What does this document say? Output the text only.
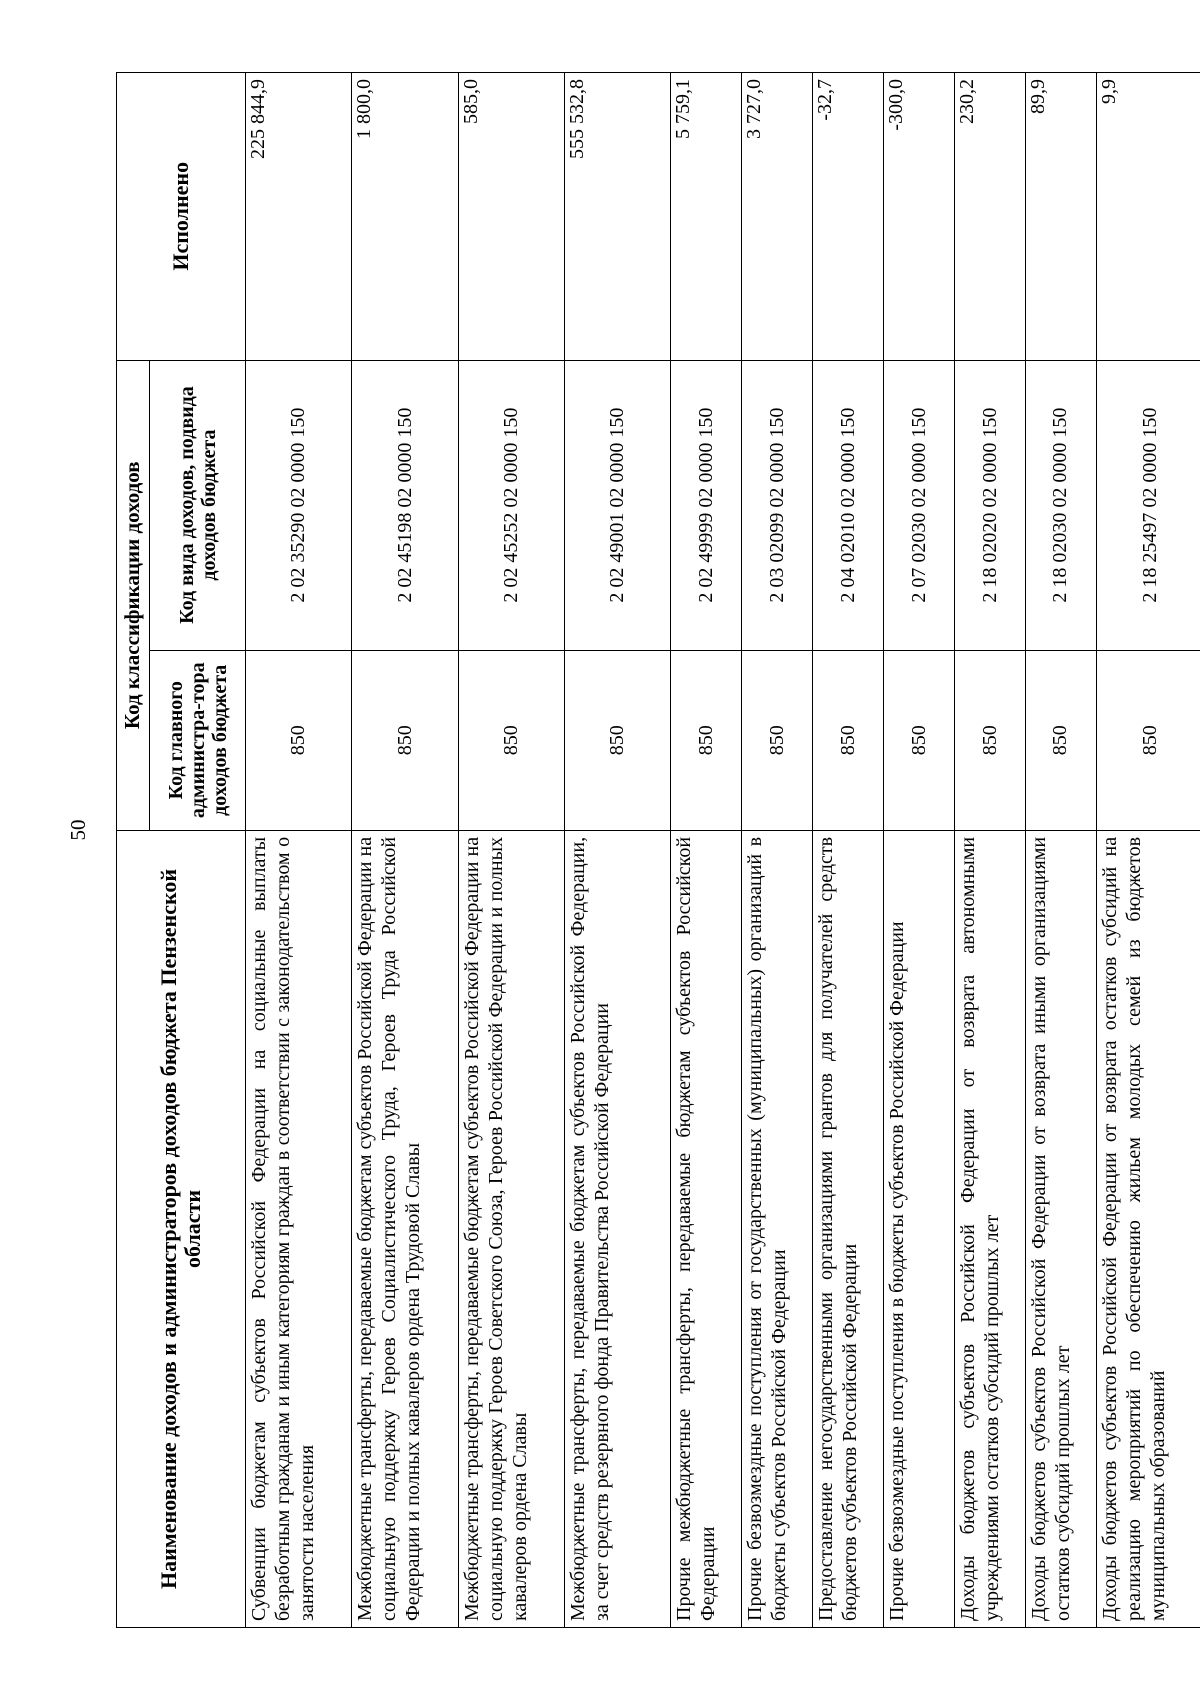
50
Наименование доходов и администраторов доходов бюджета Пензенской области	Код классификации доходов		Исполнено
	Код главного администра-тора доходов бюджета	Код вида доходов, подвида доходов бюджета	
Субвенции бюджетам субъектов Российской Федерации на социальные выплаты безработным гражданам и иным категориям граждан в соответствии с законодательством о занятости населения	850	2 02 35290 02 0000 150	225 844,9
Межбюджетные трансферты, передаваемые бюджетам субъектов Российской Федерации на социальную поддержку Героев Социалистического Труда, Героев Труда Российской Федерации и полных кавалеров ордена Трудовой Славы	850	2 02 45198 02 0000 150	1 800,0
Межбюджетные трансферты, передаваемые бюджетам субъектов Российской Федерации на социальную поддержку Героев Советского Союза, Героев Российской Федерации и полных кавалеров ордена Славы	850	2 02 45252 02 0000 150	585,0
Межбюджетные трансферты, передаваемые бюджетам субъектов Российской Федерации, за счет средств резервного фонда Правительства Российской Федерации	850	2 02 49001 02 0000 150	555 532,8
Прочие межбюджетные трансферты, передаваемые бюджетам субъектов Российской Федерации	850	2 02 49999 02 0000 150	5 759,1
Прочие безвозмездные поступления от государственных (муниципальных) организаций в бюджеты субъектов Российской Федерации	850	2 03 02099 02 0000 150	3 727,0
Предоставление негосударственными организациями грантов для получателей средств бюджетов субъектов Российской Федерации	850	2 04 02010 02 0000 150	-32,7
Прочие безвозмездные поступления в бюджеты субъектов Российской Федерации	850	2 07 02030 02 0000 150	-300,0
Доходы бюджетов субъектов Российской Федерации от возврата автономными учреждениями остатков субсидий прошлых лет	850	2 18 02020 02 0000 150	230,2
Доходы бюджетов субъектов Российской Федерации от возврата иными организациями остатков субсидий прошлых лет	850	2 18 02030 02 0000 150	89,9
Доходы бюджетов субъектов Российской Федерации от возврата остатков субсидий на реализацию мероприятий по обеспечению жильем молодых семей из бюджетов муниципальных образований	850	2 18 25497 02 0000 150	9,9
